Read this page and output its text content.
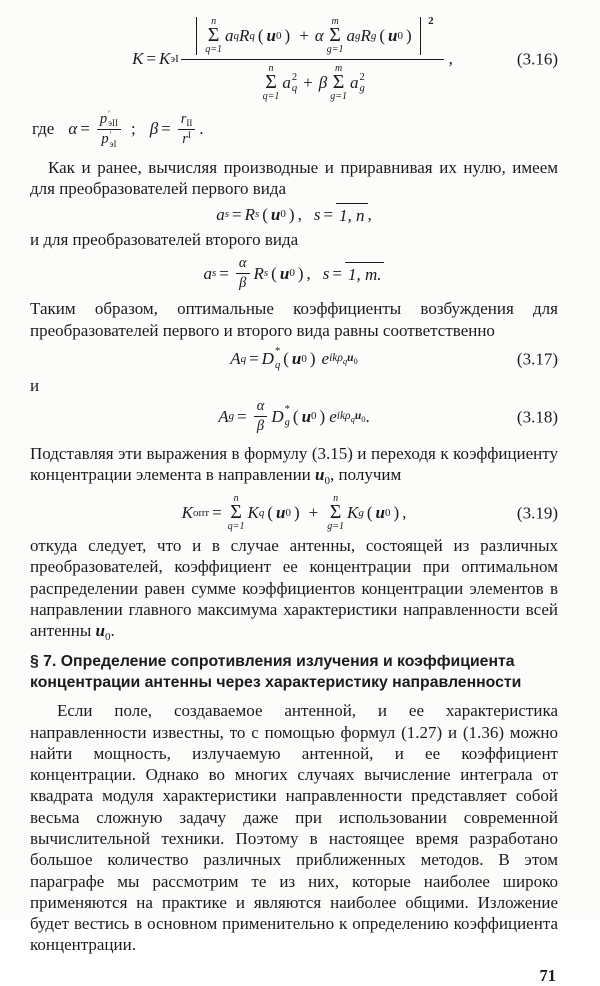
K = K эI
n
Σ
q=1
a q R q ( u 0 ) + α
m
Σ
g=1
a g R g ( u 0 )
2
n
Σ
q=1
a 2
q + β
m
Σ
g=1
a 2
g
,	(3.16)
где α = p ′
эII
p ′
эI
; $\beta = r_{II}$
$r^I$ .

Как и ранее, вычисляя производные и приравнивая их нулю, имеем для преобразователей первого вида

a s = R s ( u 0 ) , s = 1, n ,

и для преобразователей второго вида

a $s = \frac{\alpha}{\beta}$ R s ( u 0 ) , s = 1, m.

Таким образом, оптимальные коэффициенты возбуждения для преобразователей первого и второго вида равны соответственно

A q = D *
q ( u 0 ) e $ik\rho_qu_0$	(3.17)

и

A $g = \frac{\alpha}{\beta}$ D *
g ( u 0 ) e $ik\rho_qu_0$ .	(3.18)

Подставляя эти выражения в формулу (3.15) и переходя к коэффициенту концентрации элемента в направлении $u_0$, получим

K опт =
n
Σ
q=1
K q ( u 0 ) +
n
Σ
g=1
K g ( u 0 ) ,	(3.19)

откуда следует, что и в случае антенны, состоящей из различных преобразователей, коэффициент ее концентрации при оптимальном распределении равен сумме коэффициентов концентрации элементов в направлении главного максимума характеристики направленности всей антенны $u_0$.

§ 7. Определение сопротивления излучения и коэффициента концентрации антенны через характеристику направленности

Если поле, создаваемое антенной, и ее характеристика направленности известны, то с помощью формул (1.27) и (1.36) можно найти мощность, излучаемую антенной, и ее коэффициент концентрации. Однако во многих случаях вычисление интеграла от квадрата модуля характеристики направленности представляет собой весьма сложную задачу даже при использовании современной вычислительной техники. Поэтому в настоящее время разработано большое количество различных приближенных методов. В этом параграфе мы рассмотрим те из них, которые наиболее широко применяются на практике и являются наиболее общими. Изложение будет вестись в основном применительно к определению коэффициента концентрации.

71
